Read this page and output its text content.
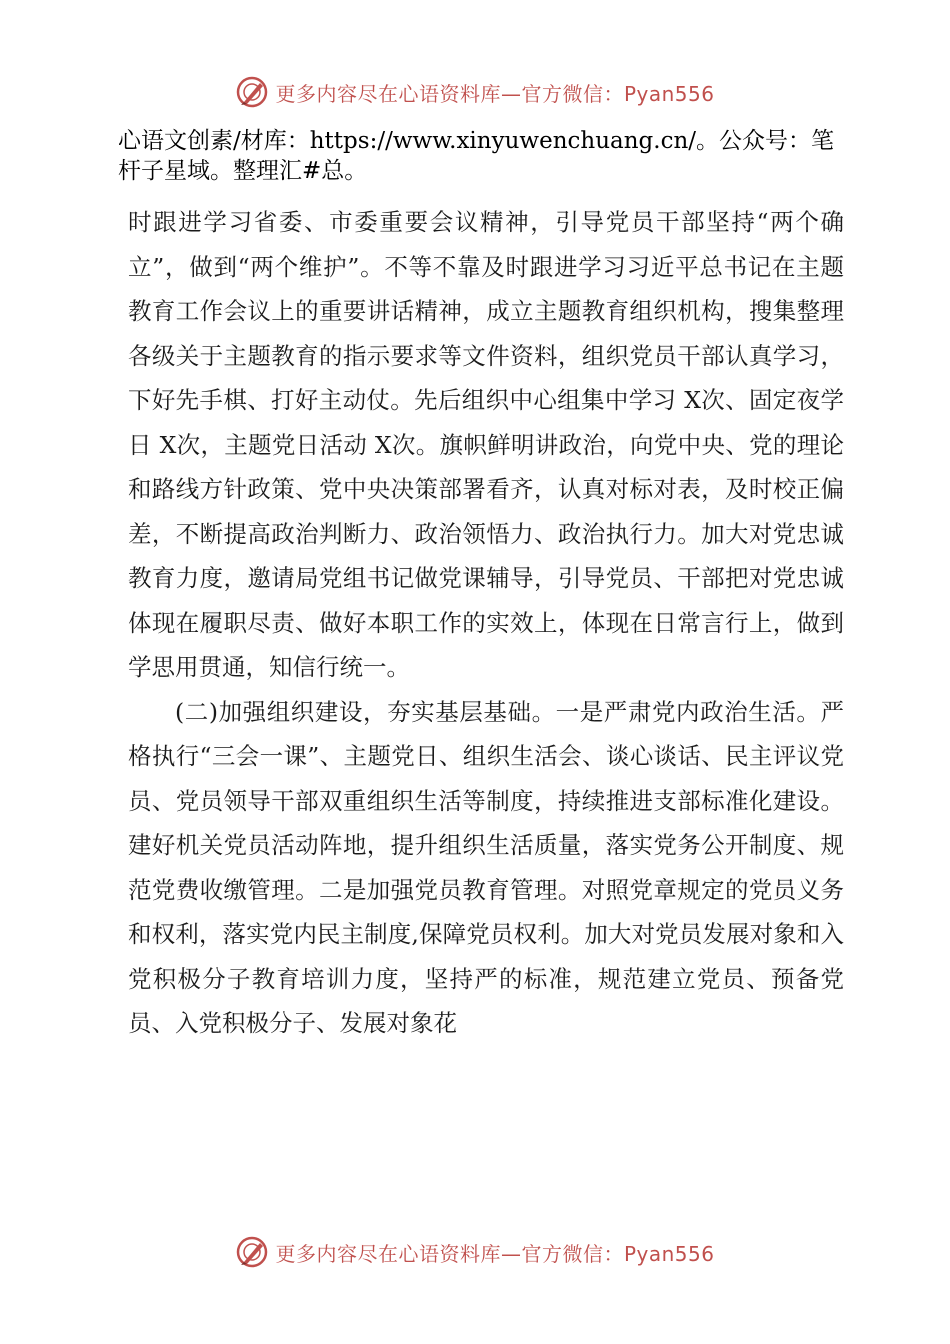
更多内容尽在心语资料库—官方微信：Pyan556
心语文创素/材库：https://www.xinyuwenchuang.cn/。公众号：笔杆子星域。整理汇#总。

时跟进学习省委、市委重要会议精神，引导党员干部坚持“两个确立”，做到“两个维护”。不等不靠及时跟进学习习近平总书记在主题教育工作会议上的重要讲话精神，成立主题教育组织机构，搜集整理各级关于主题教育的指示要求等文件资料，组织党员干部认真学习，下好先手棋、打好主动仗。先后组织中心组集中学习 X次、固定夜学日 X次，主题党日活动 X次。旗帜鲜明讲政治，向党中央、党的理论和路线方针政策、党中央决策部署看齐，认真对标对表，及时校正偏差，不断提高政治判断力、政治领悟力、政治执行力。加大对党忠诚教育力度，邀请局党组书记做党课辅导，引导党员、干部把对党忠诚体现在履职尽责、做好本职工作的实效上，体现在日常言行上，做到学思用贯通，知信行统一。

(二)加强组织建设，夯实基层基础。一是严肃党内政治生活。严格执行“三会一课”、主题党日、组织生活会、谈心谈话、民主评议党员、党员领导干部双重组织生活等制度，持续推进支部标准化建设。建好机关党员活动阵地，提升组织生活质量，落实党务公开制度、规范党费收缴管理。二是加强党员教育管理。对照党章规定的党员义务和权利，落实党内民主制度,保障党员权利。加大对党员发展对象和入党积极分子教育培训力度，坚持严的标准，规范建立党员、预备党员、入党积极分子、发展对象花

更多内容尽在心语资料库—官方微信：Pyan556
